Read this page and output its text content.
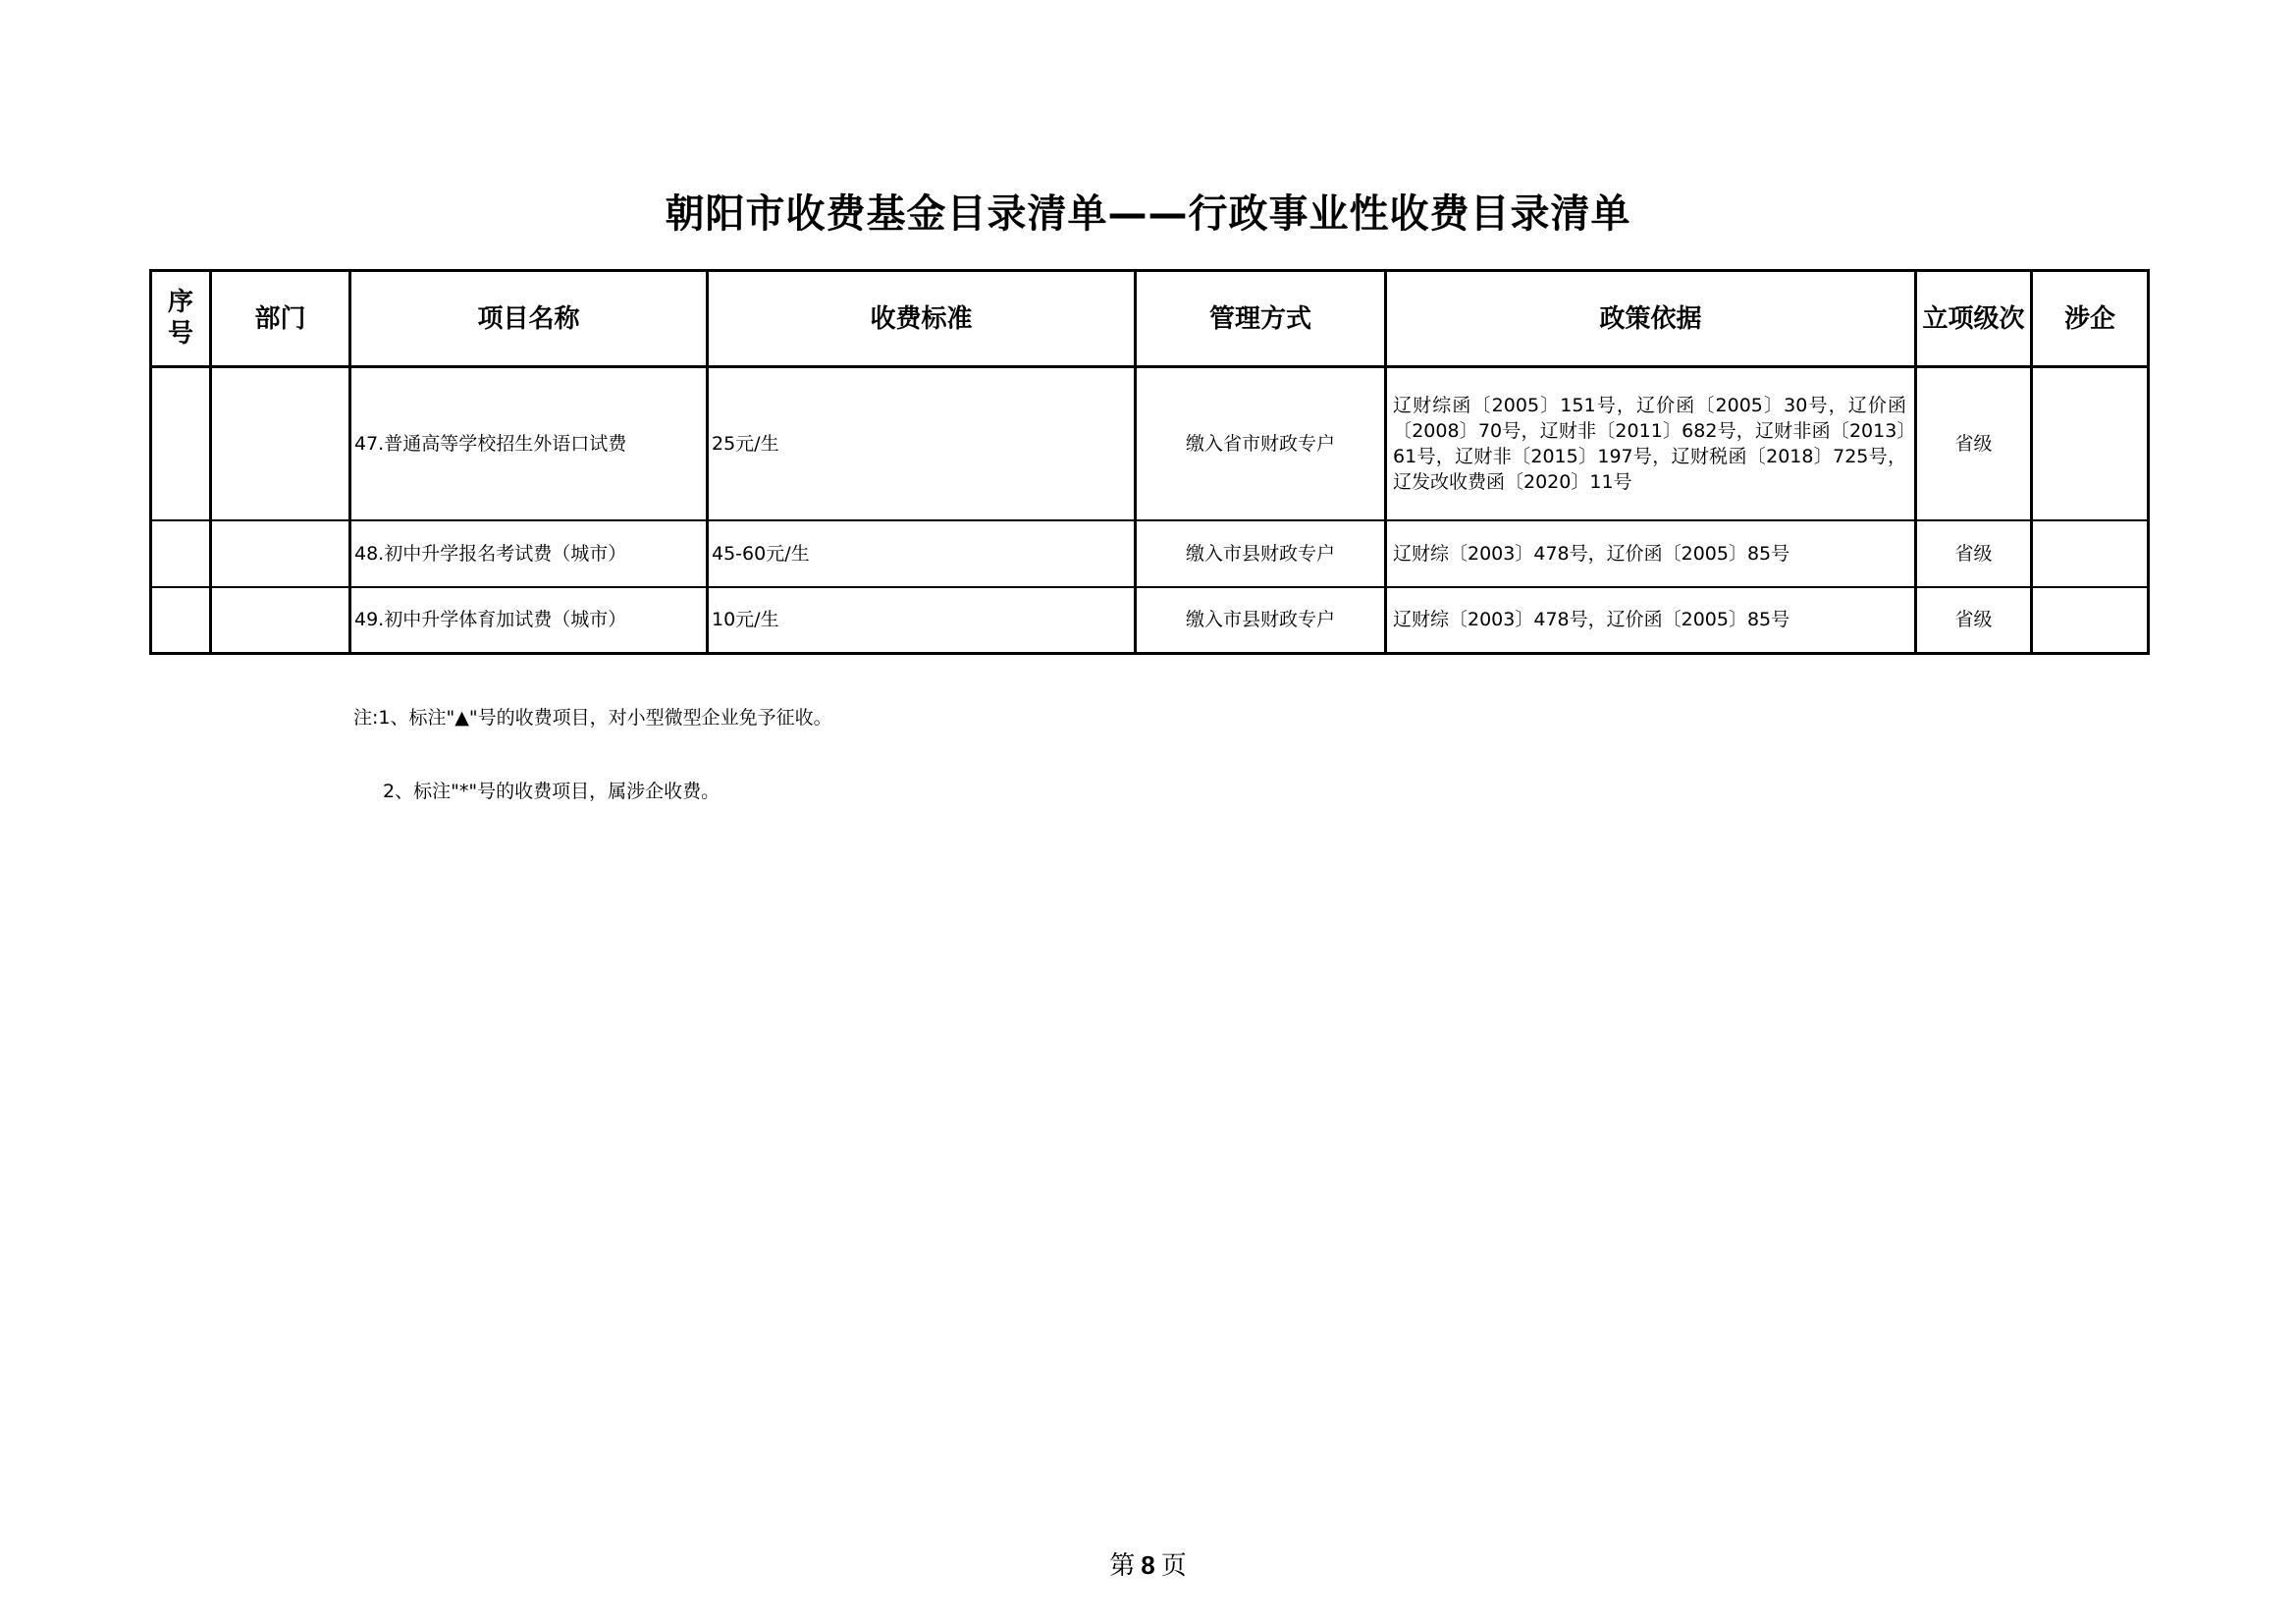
朝阳市收费基金目录清单——行政事业性收费目录清单
序号	部门	项目名称	收费标准	管理方式	政策依据	立项级次	涉企
		47.普通高等学校招生外语口试费	25元/生	缴入省市财政专户	辽财综函〔2005〕151号，辽价函〔2005〕30号，辽价函〔2008〕70号，辽财非〔2011〕682号，辽财非函〔2013〕61号，辽财非〔2015〕197号，辽财税函〔2018〕725号，辽发改收费函〔2020〕11号	省级	
		48.初中升学报名考试费（城市）	45-60元/生	缴入市县财政专户	辽财综〔2003〕478号，辽价函〔2005〕85号	省级	
		49.初中升学体育加试费（城市）	10元/生	缴入市县财政专户	辽财综〔2003〕478号，辽价函〔2005〕85号	省级	

注:1、标注"▲"号的收费项目，对小型微型企业免予征收。

2、标注"*"号的收费项目，属涉企收费。

第 8 页
